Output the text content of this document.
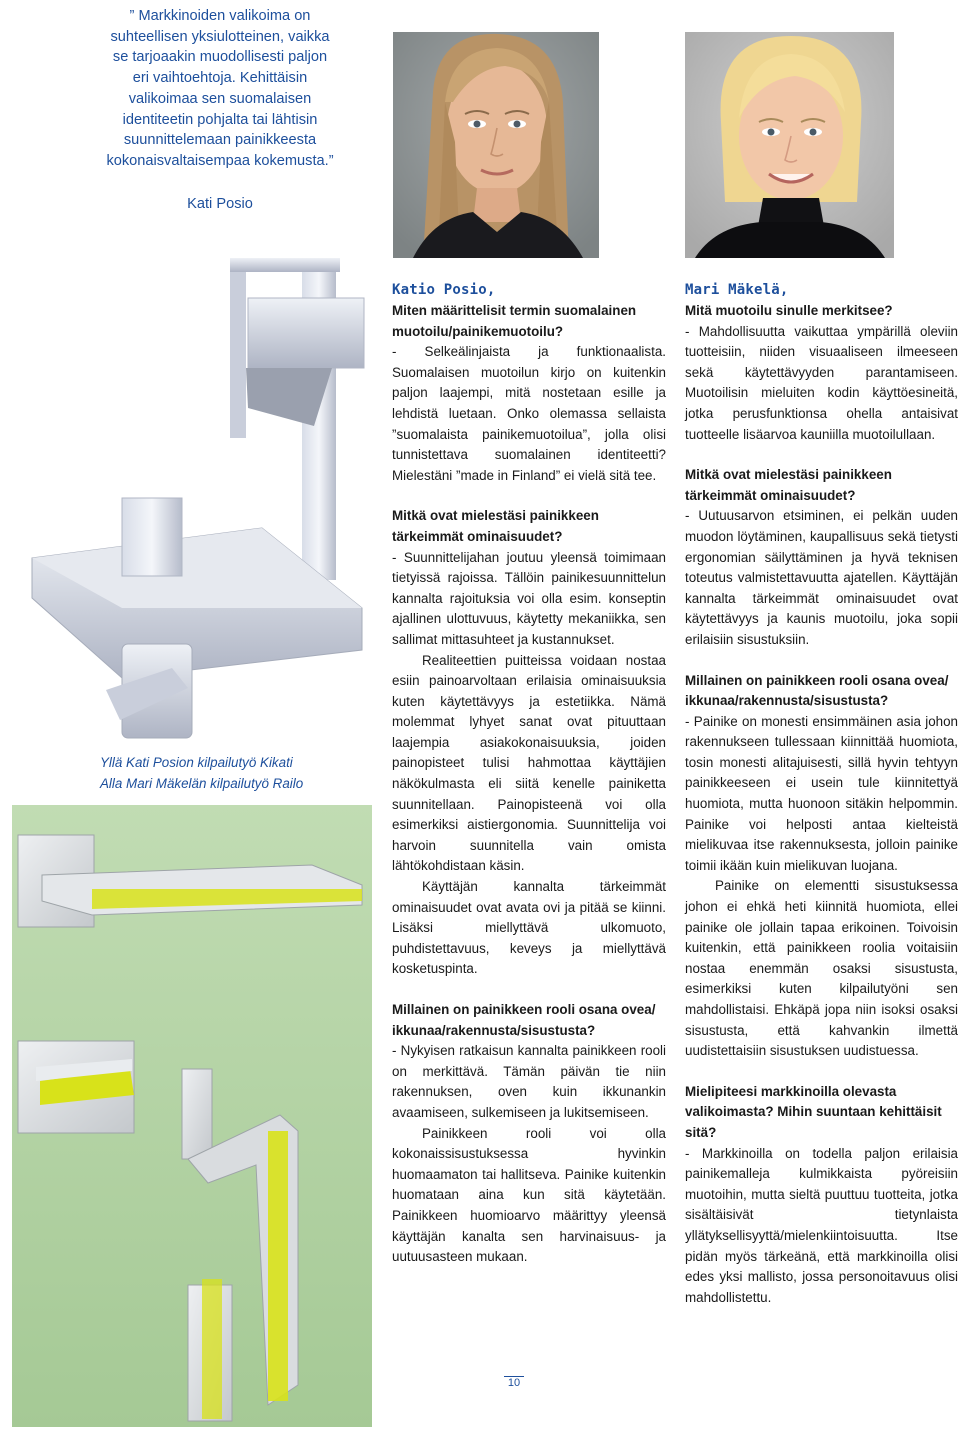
” Markkinoiden valikoima on

suhteellisen yksiulotteinen, vaikka

se tarjoaakin muodollisesti paljon

eri vaihtoehtoja. Kehittäisin

valikoimaa sen suomalaisen

identiteetin pohjalta tai lähtisin

suunnittelemaan painikkeesta

kokonaisvaltaisempaa kokemusta.”

Kati Posio
Yllä Kati Posion kilpailutyö Kikati
Alla Mari Mäkelän kilpailutyö Railo
Katio Posio,

Miten määrittelisit termin suomalainen muotoilu/painikemuotoilu?

- Selkeälinjaista ja funktionaalista. Suomalaisen muotoilun kirjo on kuitenkin paljon laajempi, mitä nostetaan esille ja lehdistä luetaan. Onko olemassa sellaista ”suomalaista painikemuotoilua”, jolla olisi tunnistettava suomalainen identiteetti? Mielestäni ”made in Finland” ei vielä sitä tee.

Mitkä ovat mielestäsi painikkeen tärkeimmät ominaisuudet?

- Suunnittelijahan joutuu yleensä toimimaan tietyissä rajoissa. Tällöin painikesuunnittelun kannalta rajoituksia voi olla esim. konseptin ajallinen ulottuvuus, käytetty mekaniikka, sen sallimat mittasuhteet ja kustannukset.

Realiteettien puitteissa voidaan nostaa esiin painoarvoltaan erilaisia ominaisuuksia kuten käytettävyys ja estetiikka. Nämä molemmat lyhyet sanat ovat pituuttaan laajempia asiakokonaisuuksia, joiden painopisteet tulisi hahmottaa käyttäjien näkökulmasta eli siitä kenelle painiketta suunnitellaan. Painopisteenä voi olla esimerkiksi aistiergonomia. Suunnittelija voi harvoin suunnitella vain omista lähtökohdistaan käsin.

Käyttäjän kannalta tärkeimmät ominaisuudet ovat avata ovi ja pitää se kiinni. Lisäksi miellyttävä ulkomuoto, puhdistettavuus, keveys ja miellyttävä kosketuspinta.

Millainen on painikkeen rooli osana ovea/ ikkunaa/rakennusta/sisustusta?

- Nykyisen ratkaisun kannalta painikkeen rooli on merkittävä. Tämän päivän tie niin rakennuksen, oven kuin ikkunankin avaamiseen, sulkemiseen ja lukitsemiseen.

Painikkeen rooli voi olla kokonaissisustuksessa hyvinkin huomaamaton tai hallitseva. Painike kuitenkin huomataan aina kun sitä käytetään. Painikkeen huomioarvo määrittyy yleensä käyttäjän kanalta sen harvinaisuus- ja uutuusasteen mukaan.

Mari Mäkelä,

Mitä muotoilu sinulle merkitsee?

- Mahdollisuutta vaikuttaa ympärillä oleviin tuotteisiin, niiden visuaaliseen ilmeeseen sekä käytettävyyden parantamiseen. Muotoilisin mieluiten kodin käyttöesineitä, jotka perusfunktionsa ohella antaisivat tuotteelle lisäarvoa kauniilla muotoilullaan.

Mitkä ovat mielestäsi painikkeen tärkeimmät ominaisuudet?

- Uutuusarvon etsiminen, ei pelkän uuden muodon löytäminen, kaupallisuus sekä tietysti ergonomian säilyttäminen ja hyvä teknisen toteutus valmistettavuutta ajatellen. Käyttäjän kannalta tärkeimmät ominaisuudet ovat käytettävyys ja kaunis muotoilu, joka sopii erilaisiin sisustuksiin.

Millainen on painikkeen rooli osana ovea/ ikkunaa/rakennusta/sisustusta?

- Painike on monesti ensimmäinen asia johon rakennukseen tullessaan kiinnittää huomiota, tosin monesti alitajuisesti, sillä hyvin tehtyyn painikkeeseen ei usein tule kiinnitettyä huomiota, mutta huonoon sitäkin helpommin. Painike voi helposti antaa kielteistä mielikuvaa itse rakennuksesta, jolloin painike toimii ikään kuin mielikuvan luojana.

Painike on elementti sisustuksessa johon ei ehkä heti kiinnitä huomiota, ellei painike ole jollain tapaa erikoinen. Toivoisin kuitenkin, että painikkeen roolia voitaisiin nostaa enemmän osaksi sisustusta, esimerkiksi kuten kilpailutyöni sen mahdollistaisi. Ehkäpä jopa niin isoksi osaksi sisustusta, että kahvankin ilmettä uudistettaisiin sisustuksen uudistuessa.

Mielipiteesi markkinoilla olevasta valikoimasta? Mihin suuntaan kehittäisit sitä?

- Markkinoilla on todella paljon erilaisia painikemalleja kulmikkaista pyöreisiin muotoihin, mutta sieltä puuttuu tuotteita, jotka sisältäisivät tietynlaista yllätyksellisyyttä/mielenkiintoisuutta. Itse pidän myös tärkeänä, että markkinoilla olisi edes yksi mallisto, jossa personoitavuus olisi mahdollistettu.

10
